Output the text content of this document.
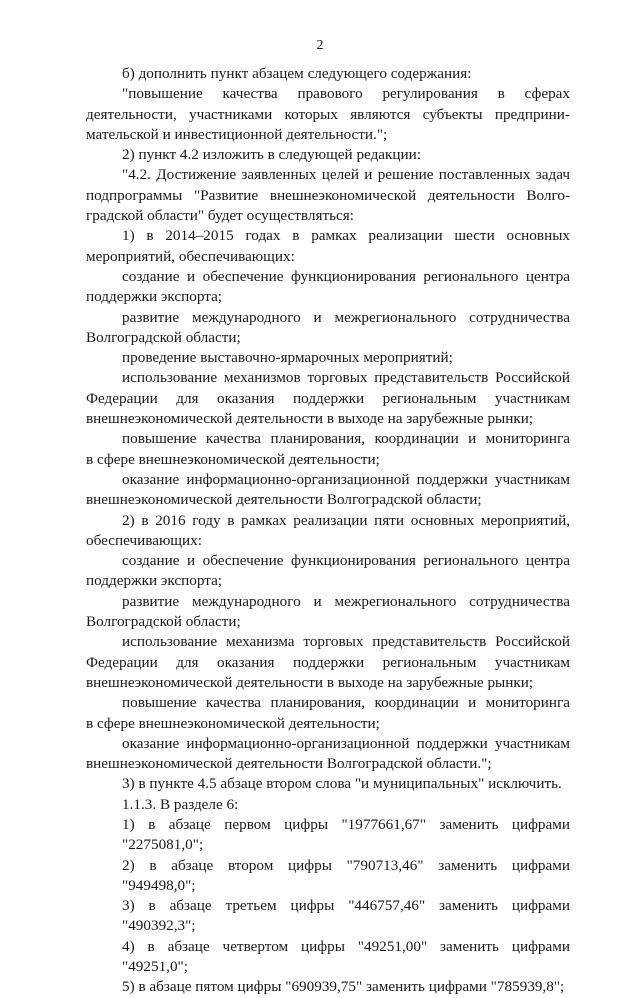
2
б) дополнить пункт абзацем следующего содержания:
"повышение качества правового регулирования в сферах
деятельности, участниками которых являются субъекты предприни-
мательской и инвестиционной деятельности.";
2) пункт 4.2 изложить в следующей редакции:
"4.2. Достижение заявленных целей и решение поставленных задач
подпрограммы "Развитие внешнеэкономической деятельности Волго-
градской области" будет осуществляться:
1) в 2014–2015 годах в рамках реализации шести основных
мероприятий, обеспечивающих:
создание и обеспечение функционирования регионального центра
поддержки экспорта;
развитие международного и межрегионального сотрудничества
Волгоградской области;
проведение выставочно-ярмарочных мероприятий;
использование механизмов торговых представительств Российской
Федерации для оказания поддержки региональным участникам
внешнеэкономической деятельности в выходе на зарубежные рынки;
повышение качества планирования, координации и мониторинга
в сфере внешнеэкономической деятельности;
оказание информационно-организационной поддержки участникам
внешнеэкономической деятельности Волгоградской области;
2) в 2016 году в рамках реализации пяти основных мероприятий,
обеспечивающих:
создание и обеспечение функционирования регионального центра
поддержки экспорта;
развитие международного и межрегионального сотрудничества
Волгоградской области;
использование механизма торговых представительств Российской
Федерации для оказания поддержки региональным участникам
внешнеэкономической деятельности в выходе на зарубежные рынки;
повышение качества планирования, координации и мониторинга
в сфере внешнеэкономической деятельности;
оказание информационно-организационной поддержки участникам
внешнеэкономической деятельности Волгоградской области.";
3) в пункте 4.5 абзаце втором слова "и муниципальных" исключить.
1.1.3. В разделе 6:
1) в абзаце первом цифры "1977661,67" заменить цифрами "2275081,0";
2) в абзаце втором цифры "790713,46" заменить цифрами "949498,0";
3) в абзаце третьем цифры "446757,46" заменить цифрами "490392,3";
4) в абзаце четвертом цифры "49251,00" заменить цифрами "49251,0";
5) в абзаце пятом цифры "690939,75" заменить цифрами "785939,8";
